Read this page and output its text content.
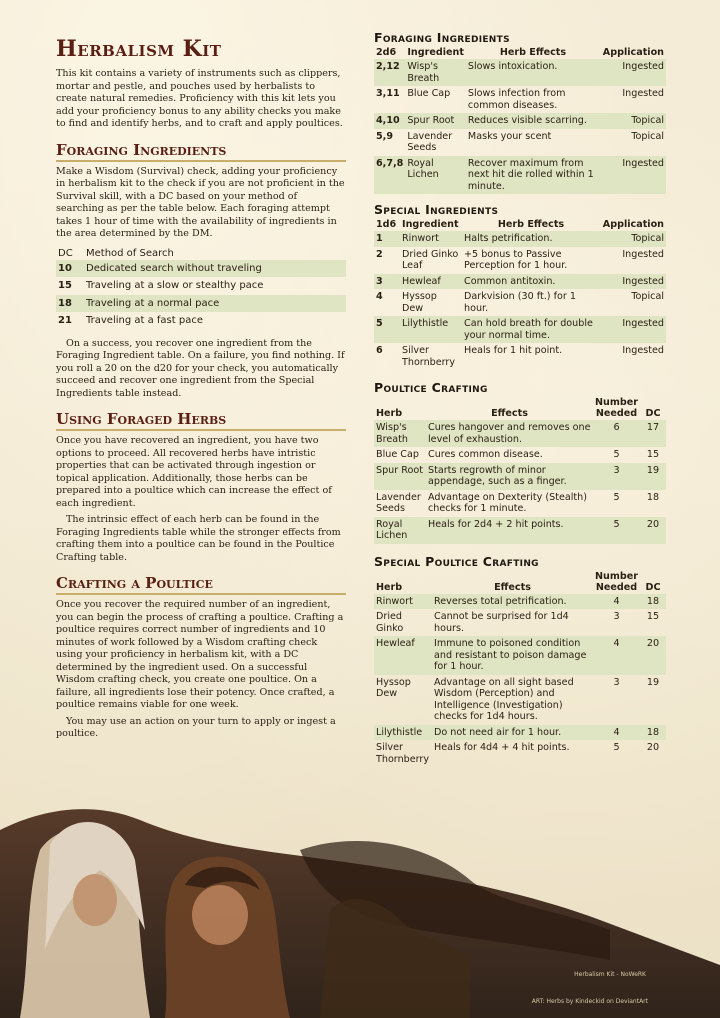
Herbalism Kit

This kit contains a variety of instruments such as clippers, mortar and pestle, and pouches used by herbalists to create natural remedies. Proficiency with this kit lets you add your proficiency bonus to any ability checks you make to find and identify herbs, and to craft and apply poultices.

Foraging Ingredients

Make a Wisdom (Survival) check, adding your proficiency in herbalism kit to the check if you are not proficient in the Survival skill, with a DC based on your method of searching as per the table below. Each foraging attempt takes 1 hour of time with the availability of ingredients in the area determined by the DM.

DC	Method of Search
10	Dedicated search without traveling
15	Traveling at a slow or stealthy pace
18	Traveling at a normal pace
21	Traveling at a fast pace

On a success, you recover one ingredient from the Foraging Ingredient table. On a failure, you find nothing. If you roll a 20 on the d20 for your check, you automatically succeed and recover one ingredient from the Special Ingredients table instead.

Using Foraged Herbs

Once you have recovered an ingredient, you have two options to proceed. All recovered herbs have intristic properties that can be activated through ingestion or topical application. Additionally, those herbs can be prepared into a poultice which can increase the effect of each ingredient.

The intrinsic effect of each herb can be found in the Foraging Ingredients table while the stronger effects from crafting them into a poultice can be found in the Poultice Crafting table.

Crafting a Poultice

Once you recover the required number of an ingredient, you can begin the process of crafting a poultice. Crafting a poultice requires correct number of ingredients and 10 minutes of work followed by a Wisdom crafting check using your proficiency in herbalism kit, with a DC determined by the ingredient used. On a successful Wisdom crafting check, you create one poultice. On a failure, all ingredients lose their potency. Once crafted, a poultice remains viable for one week.

You may use an action on your turn to apply or ingest a poultice.

Foraging Ingredients
2d6	Ingredient	Herb Effects	Application
2,12	Wisp's Breath	Slows intoxication.	Ingested
3,11	Blue Cap	Slows infection from common diseases.	Ingested
4,10	Spur Root	Reduces visible scarring.	Topical
5,9	Lavender Seeds	Masks your scent	Topical
6,7,8	Royal Lichen	Recover maximum from next hit die rolled within 1 minute.	Ingested
Special Ingredients
1d6	Ingredient	Herb Effects	Application
1	Rinwort	Halts petrification.	Topical
2	Dried Ginko Leaf	+5 bonus to Passive Perception for 1 hour.	Ingested
3	Hewleaf	Common antitoxin.	Ingested
4	Hyssop Dew	Darkvision (30 ft.) for 1 hour.	Topical
5	Lilythistle	Can hold breath for double your normal time.	Ingested
6	Silver Thornberry	Heals for 1 hit point.	Ingested
Poultice Crafting
Herb	Effects	Number Needed	DC
Wisp's Breath	Cures hangover and removes one level of exhaustion.	6	17
Blue Cap	Cures common disease.	5	15
Spur Root	Starts regrowth of minor appendage, such as a finger.	3	19
Lavender Seeds	Advantage on Dexterity (Stealth) checks for 1 minute.	5	18
Royal Lichen	Heals for 2d4 + 2 hit points.	5	20
Special Poultice Crafting
Herb	Effects	Number Needed	DC
Rinwort	Reverses total petrification.	4	18
Dried Ginko	Cannot be surprised for 1d4 hours.	3	15
Hewleaf	Immune to poisoned condition and resistant to poison damage for 1 hour.	4	20
Hyssop Dew	Advantage on all sight based Wisdom (Perception) and Intelligence (Investigation) checks for 1d4 hours.	3	19
Lilythistle	Do not need air for 1 hour.	4	18
Silver Thornberry	Heals for 4d4 + 4 hit points.	5	20
Herbalism Kit - NoWeRK
ART: Herbs by Kindeckid on DeviantArt
